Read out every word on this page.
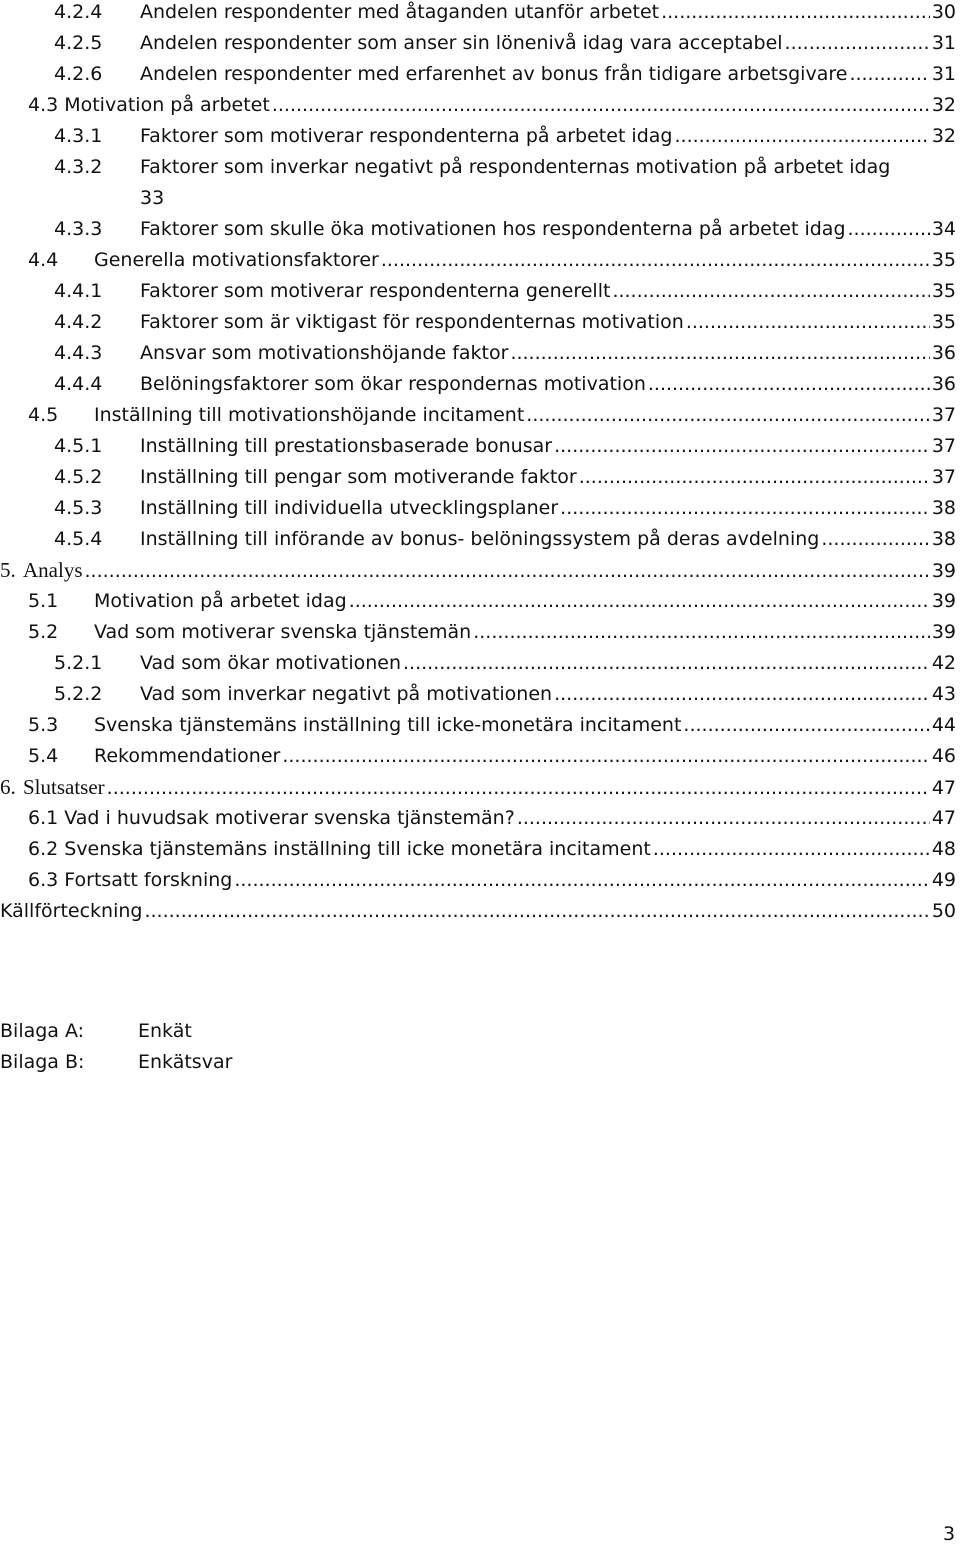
4.2.4	Andelen respondenter med åtaganden utanför arbetet .....	30
4.2.5	Andelen respondenter som anser sin lönenivå idag vara acceptabel .....	31
4.2.6	Andelen respondenter med erfarenhet av bonus från tidigare arbetsgivare .....	31
4.3 Motivation på arbetet .....	32
4.3.1	Faktorer som motiverar respondenterna på arbetet idag .....	32
4.3.2	Faktorer som inverkar negativt på respondenternas motivation på arbetet idag
33
4.3.3	Faktorer som skulle öka motivationen hos respondenterna på arbetet idag .....	34
4.4	Generella motivationsfaktorer .....	35
4.4.1	Faktorer som motiverar respondenterna generellt .....	35
4.4.2	Faktorer som är viktigast för respondenternas motivation .....	35
4.4.3	Ansvar som motivationshöjande faktor .....	36
4.4.4	Belöningsfaktorer som ökar respondernas motivation .....	36
4.5	Inställning till motivationshöjande incitament .....	37
4.5.1	Inställning till prestationsbaserade bonusar .....	37
4.5.2	Inställning till pengar som motiverande faktor .....	37
4.5.3	Inställning till individuella utvecklingsplaner .....	38
4.5.4	Inställning till införande av bonus- belöningssystem på deras avdelning .....	38
5. Analys .....	39
5.1	Motivation på arbetet idag .....	39
5.2	Vad som motiverar svenska tjänstemän .....	39
5.2.1	Vad som ökar motivationen .....	42
5.2.2	Vad som inverkar negativt på motivationen .....	43
5.3	Svenska tjänstemäns inställning till icke-monetära incitament .....	44
5.4	Rekommendationer .....	46
6. Slutsatser .....	47
6.1 Vad i huvudsak motiverar svenska tjänstemän? .....	47
6.2 Svenska tjänstemäns inställning till icke monetära incitament .....	48
6.3 Fortsatt forskning .....	49
Källförteckning .....	50
Bilaga A:	Enkät
Bilaga B:	Enkätsvar
3
